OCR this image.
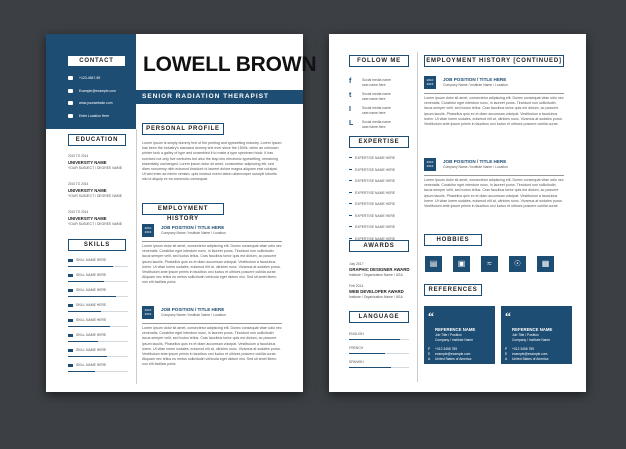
CONTACT
+123-4567-89
Example@example.com
www.yourwebsite.com
Enter Location Here
LOWELL BROWN
SENIOR RADIATION THERAPIST
EDUCATION
SKILLS
PERSONAL PROFILE
Lorem ipsum is simply dummy text of the printing and typesetting industry. Lorem Ipsum has been the industry's standard dummy text ever since the 1500s, when an unknown printer took a galley of type and scrambled it to make a type specimen book. It has survived not only five centuries but also the leap into electronic typesetting, remaining essentially unchanged. Lorem ipsum dolor sit amet, consectetur adipiscing elit, sed diam nonummy nibh euismod tincidunt ut laoreet dolore magna aliquam erat volutpat. Ut wisi enim ad minim veniam, quis nostrud exerci tation ullamcorper suscipit lobortis nisl ut aliquip ex ea commodo consequat.
EMPLOYMENT HISTORY
2010 TO 2014
UNIVERSITY NAME
YOUR SUBJECT / DEGREE NAME
2010 TO 2014
UNIVERSITY NAME
YOUR SUBJECT / DEGREE NAME
2010 TO 2014
UNIVERSITY NAME
YOUR SUBJECT / DEGREE NAME
SKILL NAME HERE
SKILL NAME HERE
SKILL NAME HERE
SKILL NAME HERE
SKILL NAME HERE
SKILL NAME HERE
SKILL NAME HERE
SKILL NAME HERE
2010
2016
JOB POSITION / TITLE HERE
Company Name / Institute Name / Location
Lorem ipsum dolor sit amet, consectetur adipiscing elit. Donec consequat vitae odio nec venenatis. Curabitur eget interdum nunc, in laoreet purus. Tincidunt non sollicitudin lacus semper velit, sed luctus tellus. Cras faucibus tortor quis est dictum, ac posuere ipsum iaculis. Phasellus quis ex et diam accumsan volutpat. Vestibulum a fauciubus lorem. Ut vitae lorem sodales, euismod elit at, ultricies nunc. Vivamus at sodales purus. Vestibulum ante ipsum primis in faucibus orci luctus et ultrices posuere cubilia curae. Aliquam nec tellus eu metus sollicitudin vehicula eget dictum nisl. Sed sit amet libero non elit facilisis porta.
2010
2016
JOB POSITION / TITLE HERE
Company Name / Institute Name / Location
Lorem ipsum dolor sit amet, consectetur adipiscing elit. Donec consequat vitae odio nec venenatis. Curabitur eget interdum nunc, in laoreet purus. Tincidunt non sollicitudin lacus semper velit, sed luctus tellus. Cras faucibus tortor quis est dictum, ac posuere ipsum iaculis. Phasellus quis ex et diam accumsan volutpat. Vestibulum a fauciubus lorem. Ut vitae lorem sodales, euismod elit at, ultricies nunc. Vivamus at sodales purus. Vestibulum ante ipsum primis in faucibus orci luctus et ultrices posuere cubilia curae. Aliquam nec tellus eu metus sollicitudin vehicula eget dictum nisl. Sed sit amet libero non elit facilisis porta.
FOLLOW ME
EXPERTISE
AWARDS
LANGUAGE
EMPLOYMENT HISTORY [CONTINUED]
HOBBIES
REFERENCES
2010
2016
JOB POSITION / TITLE HERE
Company Name / Institute Name / Location
Lorem ipsum dolor sit amet, consectetur adipiscing elit. Donec consequat vitae odio nec venenatis. Curabitur eget interdum nunc, in laoreet purus. Tincidunt non sollicitudin lacus semper velit, sed luctus tellus. Cras faucibus tortor quis est dictum, ac posuere ipsum iaculis. Phasellus quis ex et diam accumsan volutpat. Vestibulum a fauciubus lorem. Ut vitae lorem sodales, euismod elit at, ultricies nunc. Vivamus at sodales purus. Vestibulum ante ipsum primis in faucibus orci luctus et ultrices posuere cubilia curae.
2010
2016
JOB POSITION / TITLE HERE
Company Name / Institute Name / Location
Lorem ipsum dolor sit amet, consectetur adipiscing elit. Donec consequat vitae odio nec venenatis. Curabitur eget interdum nunc, in laoreet purus. Tincidunt non sollicitudin lacus semper velit, sed luctus tellus. Cras faucibus tortor quis est dictum, ac posuere ipsum iaculis. Phasellus quis ex et diam accumsan volutpat. Vestibulum a fauciubus lorem. Ut vitae lorem sodales, euismod elit at, ultricies nunc. Vivamus at sodales purus. Vestibulum ante ipsum primis in faucibus orci luctus et ultrices posuere cubilia curae.
f	Social media name
user.name.here
t	Social media name
user.name.here
I	Social media name
user.name.here
L	Social media name
user.name.here
EXPERTISE NAME HERE
EXPERTISE NAME HERE
EXPERTISE NAME HERE
EXPERTISE NAME HERE
EXPERTISE NAME HERE
EXPERTISE NAME HERE
EXPERTISE NAME HERE
EXPERTISE NAME HERE
July 2017
GRAPHIC DESIGNER AWARD
Institute / Organization Name / USA
Feb 2014
WEB DEVELOPER AWARD
Institute / Organization Name / USA
ENGLISH
FRENCH
SPANISH
▤	▣	≈	☉	▦
“
REFERENCE NAME
Job Title / Position
Company / Institute Name
P +012 3456 789
E example@example.com
A United States of America
“
REFERENCE NAME
Job Title / Position
Company / Institute Name
P +012 3456 789
E example@example.com
A United States of America
